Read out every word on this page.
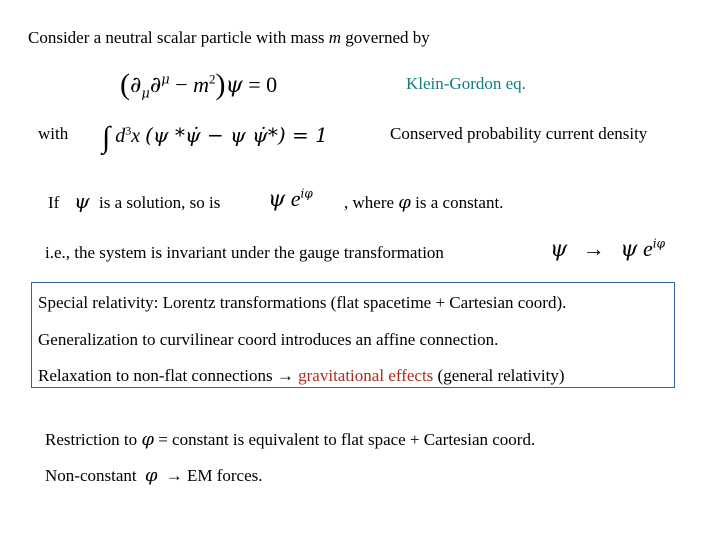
Consider a neutral scalar particle with mass m governed by
$(\partial_\mu\partial^\mu - m^2)\psi = 0$	Klein-Gordon eq.
with ∫ $d^3x$ (ψ *ψ̇ − ψ ψ̇*) = 1	Conserved probability current density
If ψ is a solution, so is ψ $e^{i\varphi}$ , where φ is a constant.
i.e., the system is invariant under the gauge transformation	ψ → ψ $e^{i\varphi}$
Special relativity: Lorentz transformations (flat spacetime + Cartesian coord).
Generalization to curvilinear coord introduces an affine connection.
Relaxation to non-flat connections → gravitational effects (general relativity)
Restriction to φ = constant is equivalent to flat space + Cartesian coord.
Non-constant φ → EM forces.
